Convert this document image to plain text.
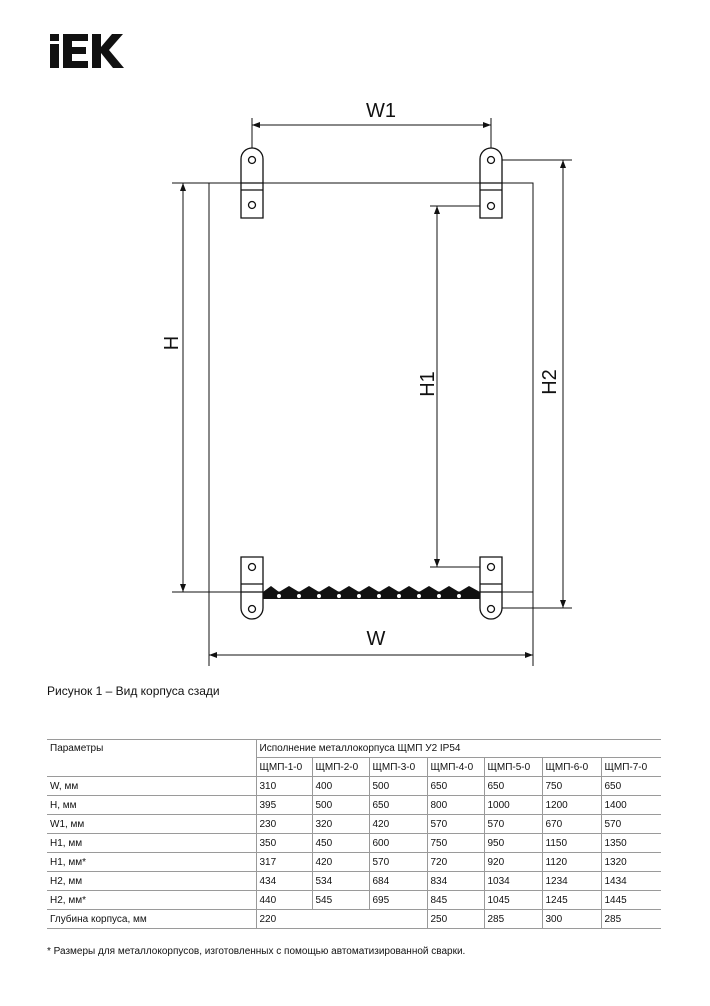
W1
W
H
H1	H2
Рисунок 1 – Вид корпуса сзади
Параметры	Исполнение металлокорпуса ЩМП У2 IP54						
	ЩМП-1-0	ЩМП-2-0	ЩМП-3-0	ЩМП-4-0	ЩМП-5-0	ЩМП-6-0	ЩМП-7-0
W, мм	310	400	500	650	650	750	650
H, мм	395	500	650	800	1000	1200	1400
W1, мм	230	320	420	570	570	670	570
H1, мм	350	450	600	750	950	1150	1350
H1, мм*	317	420	570	720	920	1120	1320
H2, мм	434	534	684	834	1034	1234	1434
H2, мм*	440	545	695	845	1045	1245	1445
Глубина корпуса, мм	220			250	285	300	285
* Размеры для металлокорпусов, изготовленных с помощью автоматизированной сварки.
